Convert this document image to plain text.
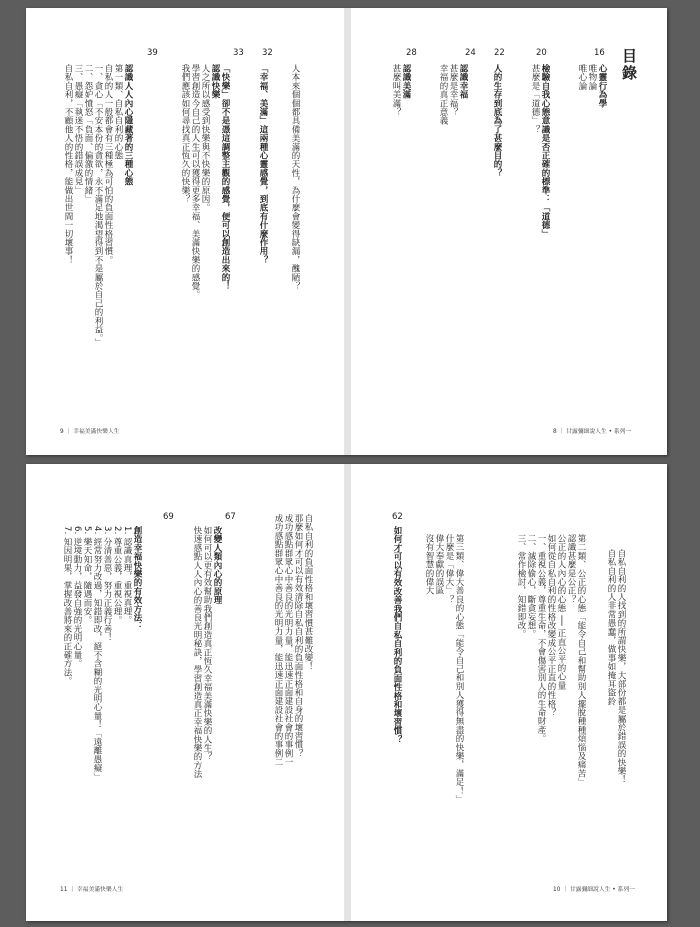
目錄
16
心靈行為學
唯物論
唯心論
20
檢驗自我心態意識是否正確的標準：「道德」
甚麼是「道德」？
22
人的生存到底為了甚麼目的？
24
認識幸福
甚麼是幸福？
幸福的真正意義
28
認識美滿
甚麼叫美滿？
人本來個個都具備美滿的天性，為什麼會變得缺漏，醜陋？
8 ｜ 甘露彌細說人生 • 系列一
32
「幸福、美滿」這兩種心靈感覺，到底有什麼作用？
33
「快樂」卻不是憑這調整主觀的感覺，便可以創造出來的！
認識快樂
人之所以感受到快樂與不快樂的原因。
學習創造今自己的人生可以獲得更多幸福、美滿快樂的感覺。
我們應該如何尋找真正恆久的快樂？
39
認識人人內心隱藏著的三種心態
第一類、自私自利的心態
自私的人一般都會有三種極為可怕的負面性格習慣。
一、貪心「不安本份的貪欲，永不滿足地渴望得到不是屬於自己的利益。」
二、怨妒憤怒「負面、偏激的情緒」
三、愚癡「執迷不悟的錯誤成見」
自私自利，不顧他人的性格，能做出世間一切壞事！
9 ｜ 幸福美滿快樂人生
自私自利的人找到的所謂快樂，大部份都是屬於錯誤的快樂！
自私自利的人非常愚蠢，做事如掩耳盜鈴
第二類、公正的心態「能令自己和幫助別人擺脫種種煩惱及痛苦」
認識甚麼是公正？
公正的人內心的心態 ── 正直公平的心量
如何從自私自利的性格改變成公平正直的性格？
一、重視公義，尊重生命，不會傷害別人的生命財產。
二、滅除偷心，斷貪妄想。
三、常作檢討，知錯即改。
第三類、偉大善良的心態「能令自己和別人獲得無盡的快樂，滿足！」
什麼是「偉大」？
偉大奉獻的誤區
沒有智慧的偉大
62
如何才可以有效改善我們自私自利的負面性格和壞習慣？
10 ｜ 甘露彌細說人生 • 系列一
自私自利的負面性格和壞習慣甚難改變！
那麼如何才可以有效清除自私自利的負面性格和自身的壞習慣？
成功感點群眾心中善良的光明力量，能迅速正面建設社會的事例一
成功感點群眾心中善良的光明力量，能迅速正面建設社會的事例二
67
改變人類內心的原理
如何可以更有效幫助我們創造真正恆久幸福美滿快樂的人生？
快速感點人人內心的善良光明秘訣，學習創造真正幸福快樂的方法
69
創造幸福快樂的有效方法：
1. 認識真理，重視真理。
2. 尊重公義，重視公理。
3. 分清善惡，努力正義行善！
4. 經常努力改過，知錯即改，絕不含糊的光明心量！「遠離愚癡」
5. 樂天知命，隨遇而安。
6. 逆境動力，益發自強的光明心量。
7. 知因明果，掌握改善將來的正確方法。
11 ｜ 幸福美滿快樂人生
